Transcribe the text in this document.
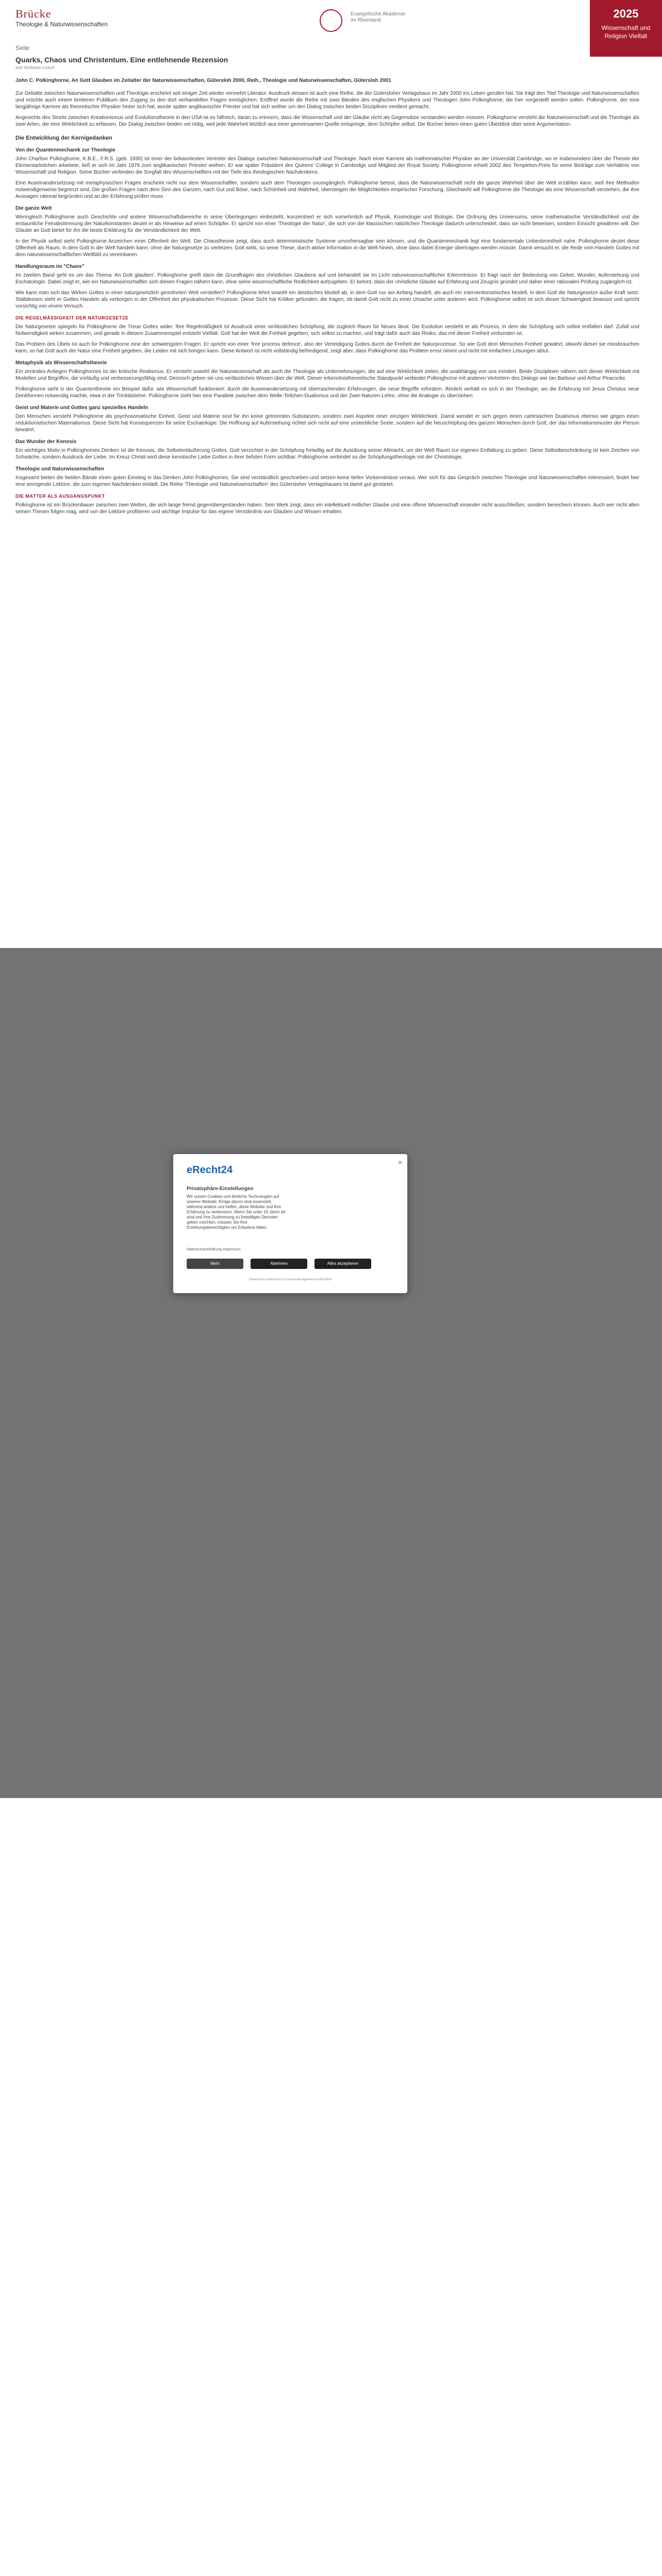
Brücke
Theologie & Naturwissenschaften
Evangelische Akademie
im Rheinland
2025
Wissenschaft und
Religion Vielfalt
Seite
Quarks, Chaos und Christentum. Eine entlehnende Rezension
von Andreas Losch
John C. Polkinghorne, An Gott Glauben im Zeitalter der Naturwissenschaften, Gütersloh 2000, Reih., Theologie und Naturwissenschaften, Gütersloh 2001

Zur Debatte zwischen Naturwissenschaften und Theologie erscheint seit einiger Zeit wieder vermehrt Literatur. Ausdruck dessen ist auch eine Reihe, die der Gütersloher Verlagshaus im Jahr 2000 ins Leben gerufen hat. Sie trägt den Titel Theologie und Naturwissenschaften und möchte auch einem breiteren Publikum den Zugang zu den dort verhandelten Fragen ermöglichen. Eröffnet wurde die Reihe mit zwei Bänden des englischen Physikers und Theologen John Polkinghorne, die hier vorgestellt werden sollen. Polkinghorne, der eine langjährige Karriere als theoretischer Physiker hinter sich hat, wurde später anglikanischer Priester und hat sich seither um den Dialog zwischen beiden Disziplinen verdient gemacht.

Angesichts des Streits zwischen Kreationismus und Evolutionstheorie in den USA ist es hilfreich, daran zu erinnern, dass die Wissenschaft und der Glaube nicht als Gegensätze verstanden werden müssen. Polkinghorne versteht die Naturwissenschaft und die Theologie als zwei Arten, die eine Wirklichkeit zu erfassen. Der Dialog zwischen beiden sei nötig, weil jede Wahrheit letztlich aus einer gemeinsamen Quelle entspringe, dem Schöpfer selbst. Die Bücher bieten einen guten Überblick über seine Argumentation.

Die Entwicklung der Kernigedanken
Von der Quantenmechanik zur Theologie

John Charlton Polkinghorne, K.B.E., F.R.S. (geb. 1930) ist einer der bekanntesten Vertreter des Dialogs zwischen Naturwissenschaft und Theologie. Nach einer Karriere als mathematischer Physiker an der Universität Cambridge, wo er insbesondere über die Theorie der Elementarteilchen arbeitete, ließ er sich im Jahr 1979 zum anglikanischen Priester weihen. Er war später Präsident des Queens' College in Cambridge und Mitglied der Royal Society. Polkinghorne erhielt 2002 den Templeton-Preis für seine Beiträge zum Verhältnis von Wissenschaft und Religion. Seine Bücher verbinden die Sorgfalt des Wissenschaftlers mit der Tiefe des theologischen Nachdenkens.

Eine Auseinandersetzung mit metaphysischen Fragen erscheint nicht nur dem Wissenschaftler, sondern auch dem Theologen unumgänglich. Polkinghorne betont, dass die Naturwissenschaft nicht die ganze Wahrheit über die Welt erzählen kann, weil ihre Methoden notwendigerweise begrenzt sind. Die großen Fragen nach dem Sinn des Ganzen, nach Gut und Böse, nach Schönheit und Wahrheit, übersteigen die Möglichkeiten empirischer Forschung. Gleichwohl will Polkinghorne die Theologie als eine Wissenschaft verstehen, die ihre Aussagen rational begründen und an der Erfahrung prüfen muss.

Die ganze Welt

Wenngleich Polkinghorne auch Geschichte und andere Wissenschaftsbereiche in seine Überlegungen einbezieht, konzentriert er sich vornehmlich auf Physik, Kosmologie und Biologie. Die Ordnung des Universums, seine mathematische Verständlichkeit und die erstaunliche Feinabstimmung der Naturkonstanten deutet er als Hinweise auf einen Schöpfer. Er spricht von einer 'Theologie der Natur', die sich von der klassischen natürlichen Theologie dadurch unterscheidet, dass sie nicht beweisen, sondern Einsicht gewähren will. Der Glaube an Gott bietet für ihn die beste Erklärung für die Verständlichkeit der Welt.

In der Physik selbst sieht Polkinghorne Anzeichen einer Offenheit der Welt. Die Chaostheorie zeigt, dass auch deterministische Systeme unvorhersagbar sein können, und die Quantenmechanik legt eine fundamentale Unbestimmtheit nahe. Polkinghorne deutet diese Offenheit als Raum, in dem Gott in der Welt handeln kann, ohne die Naturgesetze zu verletzen. Gott wirkt, so seine These, durch aktive Information in die Welt hinein, ohne dass dabei Energie übertragen werden müsste. Damit versucht er, die Rede vom Handeln Gottes mit dem naturwissenschaftlichen Weltbild zu vereinbaren.

Handlungsraum im "Chaos"

Im zweiten Band geht es um das Thema 'An Gott glauben'. Polkinghorne greift darin die Grundfragen des christlichen Glaubens auf und behandelt sie im Licht naturwissenschaftlicher Erkenntnisse. Er fragt nach der Bedeutung von Gebet, Wunder, Auferstehung und Eschatologie. Dabei zeigt er, wie ein Naturwissenschaftler sich diesen Fragen nähern kann, ohne seine wissenschaftliche Redlichkeit aufzugeben. Er betont, dass der christliche Glaube auf Erfahrung und Zeugnis gründet und daher einer rationalen Prüfung zugänglich ist.

Wie kann man sich das Wirken Gottes in einer naturgesetzlich geordneten Welt vorstellen? Polkinghorne lehnt sowohl ein deistisches Modell ab, in dem Gott nur am Anfang handelt, als auch ein interventionistisches Modell, in dem Gott die Naturgesetze außer Kraft setzt. Stattdessen sieht er Gottes Handeln als verborgen in der Offenheit der physikalischen Prozesse. Diese Sicht hat Kritiker gefunden, die fragen, ob damit Gott nicht zu einer Ursache unter anderen wird. Polkinghorne selbst ist sich dieser Schwierigkeit bewusst und spricht vorsichtig von einem Versuch.

DIE REGELMÄSSIGKEIT DER NATURGESETZE

Die Naturgesetze spiegeln für Polkinghorne die Treue Gottes wider. Ihre Regelmäßigkeit ist Ausdruck einer verlässlichen Schöpfung, die zugleich Raum für Neues lässt. Die Evolution versteht er als Prozess, in dem die Schöpfung sich selbst entfalten darf. Zufall und Notwendigkeit wirken zusammen, und gerade in diesem Zusammenspiel entsteht Vielfalt. Gott hat der Welt die Freiheit gegeben, sich selbst zu machen, und trägt dafür auch das Risiko, das mit dieser Freiheit verbunden ist.

Das Problem des Übels ist auch für Polkinghorne eine der schwierigsten Fragen. Er spricht von einer 'free process defence', also der Verteidigung Gottes durch die Freiheit der Naturprozesse. So wie Gott dem Menschen Freiheit gewährt, obwohl dieser sie missbrauchen kann, so hat Gott auch der Natur eine Freiheit gegeben, die Leiden mit sich bringen kann. Diese Antwort ist nicht vollständig befriedigend, zeigt aber, dass Polkinghorne das Problem ernst nimmt und nicht mit einfachen Lösungen abtut.

Metaphysik als Wissenschaftstheorie

Ein zentrales Anliegen Polkinghornes ist der kritische Realismus. Er versteht sowohl die Naturwissenschaft als auch die Theologie als Unternehmungen, die auf eine Wirklichkeit zielen, die unabhängig von uns existiert. Beide Disziplinen nähern sich dieser Wirklichkeit mit Modellen und Begriffen, die vorläufig und verbesserungsfähig sind. Dennoch geben sie uns verlässliches Wissen über die Welt. Dieser erkenntnistheoretische Standpunkt verbindet Polkinghorne mit anderen Vertretern des Dialogs wie Ian Barbour und Arthur Peacocke.

Polkinghorne sieht in der Quantentheorie ein Beispiel dafür, wie Wissenschaft funktioniert: durch die Auseinandersetzung mit überraschenden Erfahrungen, die neue Begriffe erfordern. Ähnlich verhält es sich in der Theologie, wo die Erfahrung mit Jesus Christus neue Denkformen notwendig machte, etwa in der Trinitätslehre. Polkinghorne zieht hier eine Parallele zwischen dem Welle-Teilchen-Dualismus und der Zwei-Naturen-Lehre, ohne die Analogie zu überziehen.

Geist und Materie und Gottes ganz spezielles Handeln

Den Menschen versteht Polkinghorne als psychosomatische Einheit. Geist und Materie sind für ihn keine getrennten Substanzen, sondern zwei Aspekte einer einzigen Wirklichkeit. Damit wendet er sich gegen einen cartesischen Dualismus ebenso wie gegen einen reduktionistischen Materialismus. Diese Sicht hat Konsequenzen für seine Eschatologie: Die Hoffnung auf Auferstehung richtet sich nicht auf eine unsterbliche Seele, sondern auf die Neuschöpfung des ganzen Menschen durch Gott, der das Informationsmuster der Person bewahrt.

Das Wunder der Kenosis

Ein wichtiges Motiv in Polkinghornes Denken ist die Kenosis, die Selbstentäußerung Gottes. Gott verzichtet in der Schöpfung freiwillig auf die Ausübung seiner Allmacht, um der Welt Raum zur eigenen Entfaltung zu geben. Diese Selbstbeschränkung ist kein Zeichen von Schwäche, sondern Ausdruck der Liebe. Im Kreuz Christi wird diese kenotische Liebe Gottes in ihrer tiefsten Form sichtbar. Polkinghorne verbindet so die Schöpfungstheologie mit der Christologie.

Theologie und Naturwissenschaften

Insgesamt bieten die beiden Bände einen guten Einstieg in das Denken John Polkinghornes. Sie sind verständlich geschrieben und setzen keine tiefen Vorkenntnisse voraus. Wer sich für das Gespräch zwischen Theologie und Naturwissenschaften interessiert, findet hier eine anregende Lektüre, die zum eigenen Nachdenken einlädt. Die Reihe 'Theologie und Naturwissenschaften' des Gütersloher Verlagshauses ist damit gut gestartet.

DIE MATTER ALS AUSGANGSPUNKT

Polkinghorne ist ein Brückenbauer zwischen zwei Welten, die sich lange fremd gegenübergestanden haben. Sein Werk zeigt, dass ein intellektuell redlicher Glaube und eine offene Wissenschaft einander nicht ausschließen, sondern bereichern können. Auch wer nicht allen seinen Thesen folgen mag, wird von der Lektüre profitieren und wichtige Impulse für das eigene Verständnis von Glauben und Wissen erhalten.

eRecht24
×
Privatsphäre-Einstellungen
Wir nutzen Cookies und ähnliche Technologien auf unserer Website. Einige davon sind essenziell, während andere uns helfen, diese Website und Ihre Erfahrung zu verbessern. Wenn Sie unter 16 Jahre alt sind und Ihre Zustimmung zu freiwilligen Diensten geben möchten, müssen Sie Ihre Erziehungsberechtigten um Erlaubnis bitten.
Datenschutzerklärung Impressum
Mehr	Ablehnen	Alles akzeptieren
Powered by Usercentrics Consent Management & eRecht24
